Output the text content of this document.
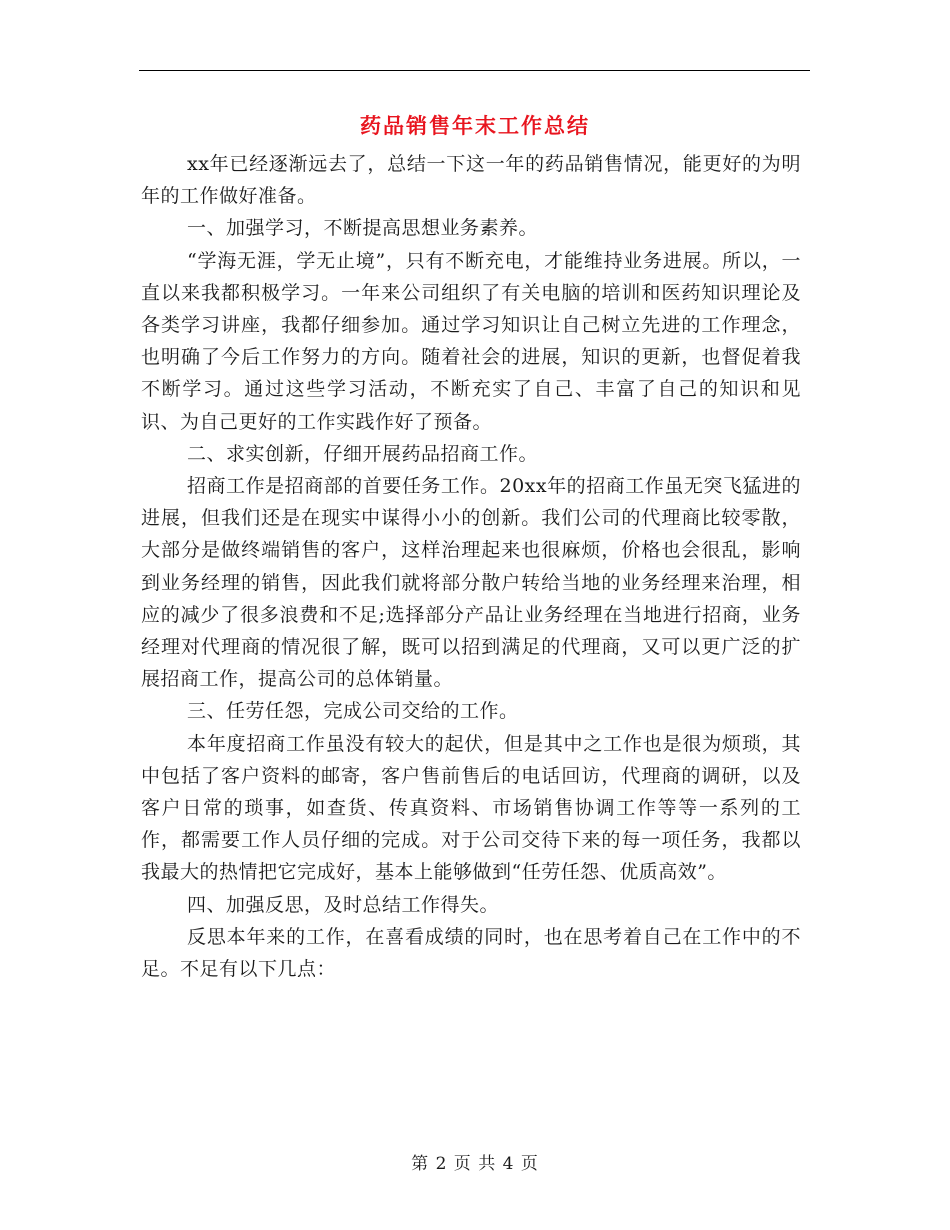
药品销售年末工作总结

xx年已经逐渐远去了，总结一下这一年的药品销售情况，能更好的为明年的工作做好准备。

一、加强学习，不断提高思想业务素养。

“学海无涯，学无止境”，只有不断充电，才能维持业务进展。所以，一直以来我都积极学习。一年来公司组织了有关电脑的培训和医药知识理论及各类学习讲座，我都仔细参加。通过学习知识让自己树立先进的工作理念，也明确了今后工作努力的方向。随着社会的进展，知识的更新，也督促着我不断学习。通过这些学习活动，不断充实了自己、丰富了自己的知识和见识、为自己更好的工作实践作好了预备。

二、求实创新，仔细开展药品招商工作。

招商工作是招商部的首要任务工作。20xx年的招商工作虽无突飞猛进的进展，但我们还是在现实中谋得小小的创新。我们公司的代理商比较零散，大部分是做终端销售的客户，这样治理起来也很麻烦，价格也会很乱，影响到业务经理的销售，因此我们就将部分散户转给当地的业务经理来治理，相应的减少了很多浪费和不足;选择部分产品让业务经理在当地进行招商，业务经理对代理商的情况很了解，既可以招到满足的代理商，又可以更广泛的扩展招商工作，提高公司的总体销量。

三、任劳任怨，完成公司交给的工作。

本年度招商工作虽没有较大的起伏，但是其中之工作也是很为烦琐，其中包括了客户资料的邮寄，客户售前售后的电话回访，代理商的调研，以及客户日常的琐事，如查货、传真资料、市场销售协调工作等等一系列的工作，都需要工作人员仔细的完成。对于公司交待下来的每一项任务，我都以我最大的热情把它完成好，基本上能够做到“任劳任怨、优质高效”。

四、加强反思，及时总结工作得失。

反思本年来的工作，在喜看成绩的同时，也在思考着自己在工作中的不足。不足有以下几点：

第 2 页 共 4 页
